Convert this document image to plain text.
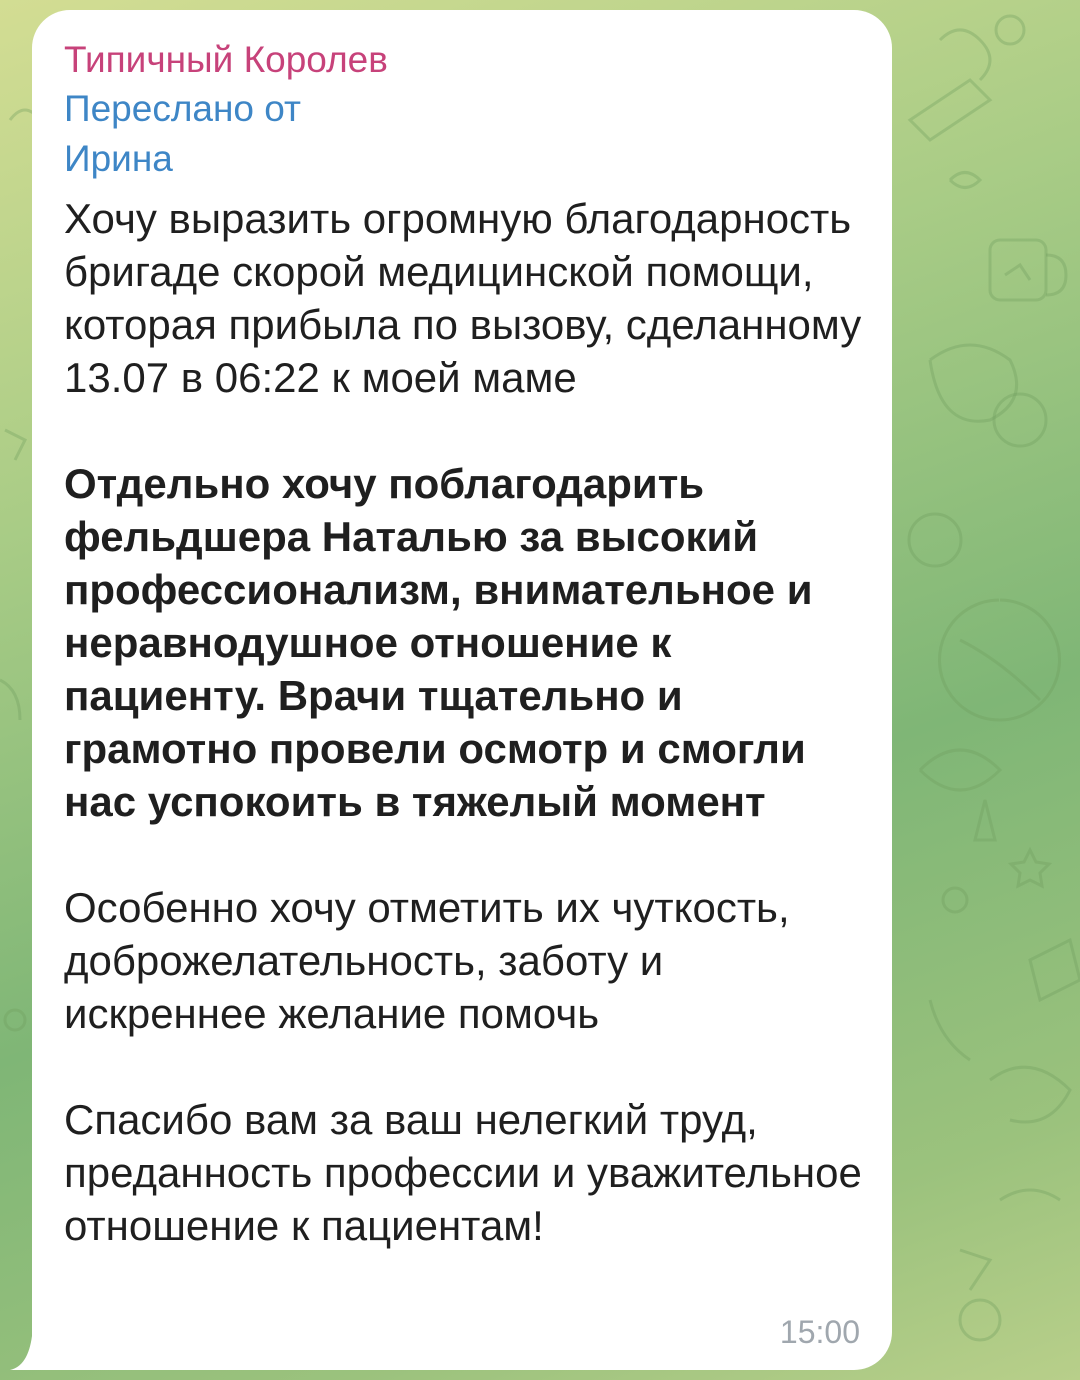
Типичный Королев
Переслано от
Ирина

Хочу выразить огромную благодарность бригаде скорой медицинской помощи, которая прибыла по вызову, сделанному 13.07 в 06:22 к моей маме

Отдельно хочу поблагодарить фельдшера Наталью за высокий профессионализм, внимательное и неравнодушное отношение к пациенту. Врачи тщательно и грамотно провели осмотр и смогли нас успокоить в тяжелый момент

Особенно хочу отметить их чуткость, доброжелательность, заботу и искреннее желание помочь

Спасибо вам за ваш нелегкий труд, преданность профессии и уважительное отношение к пациентам!

15:00
